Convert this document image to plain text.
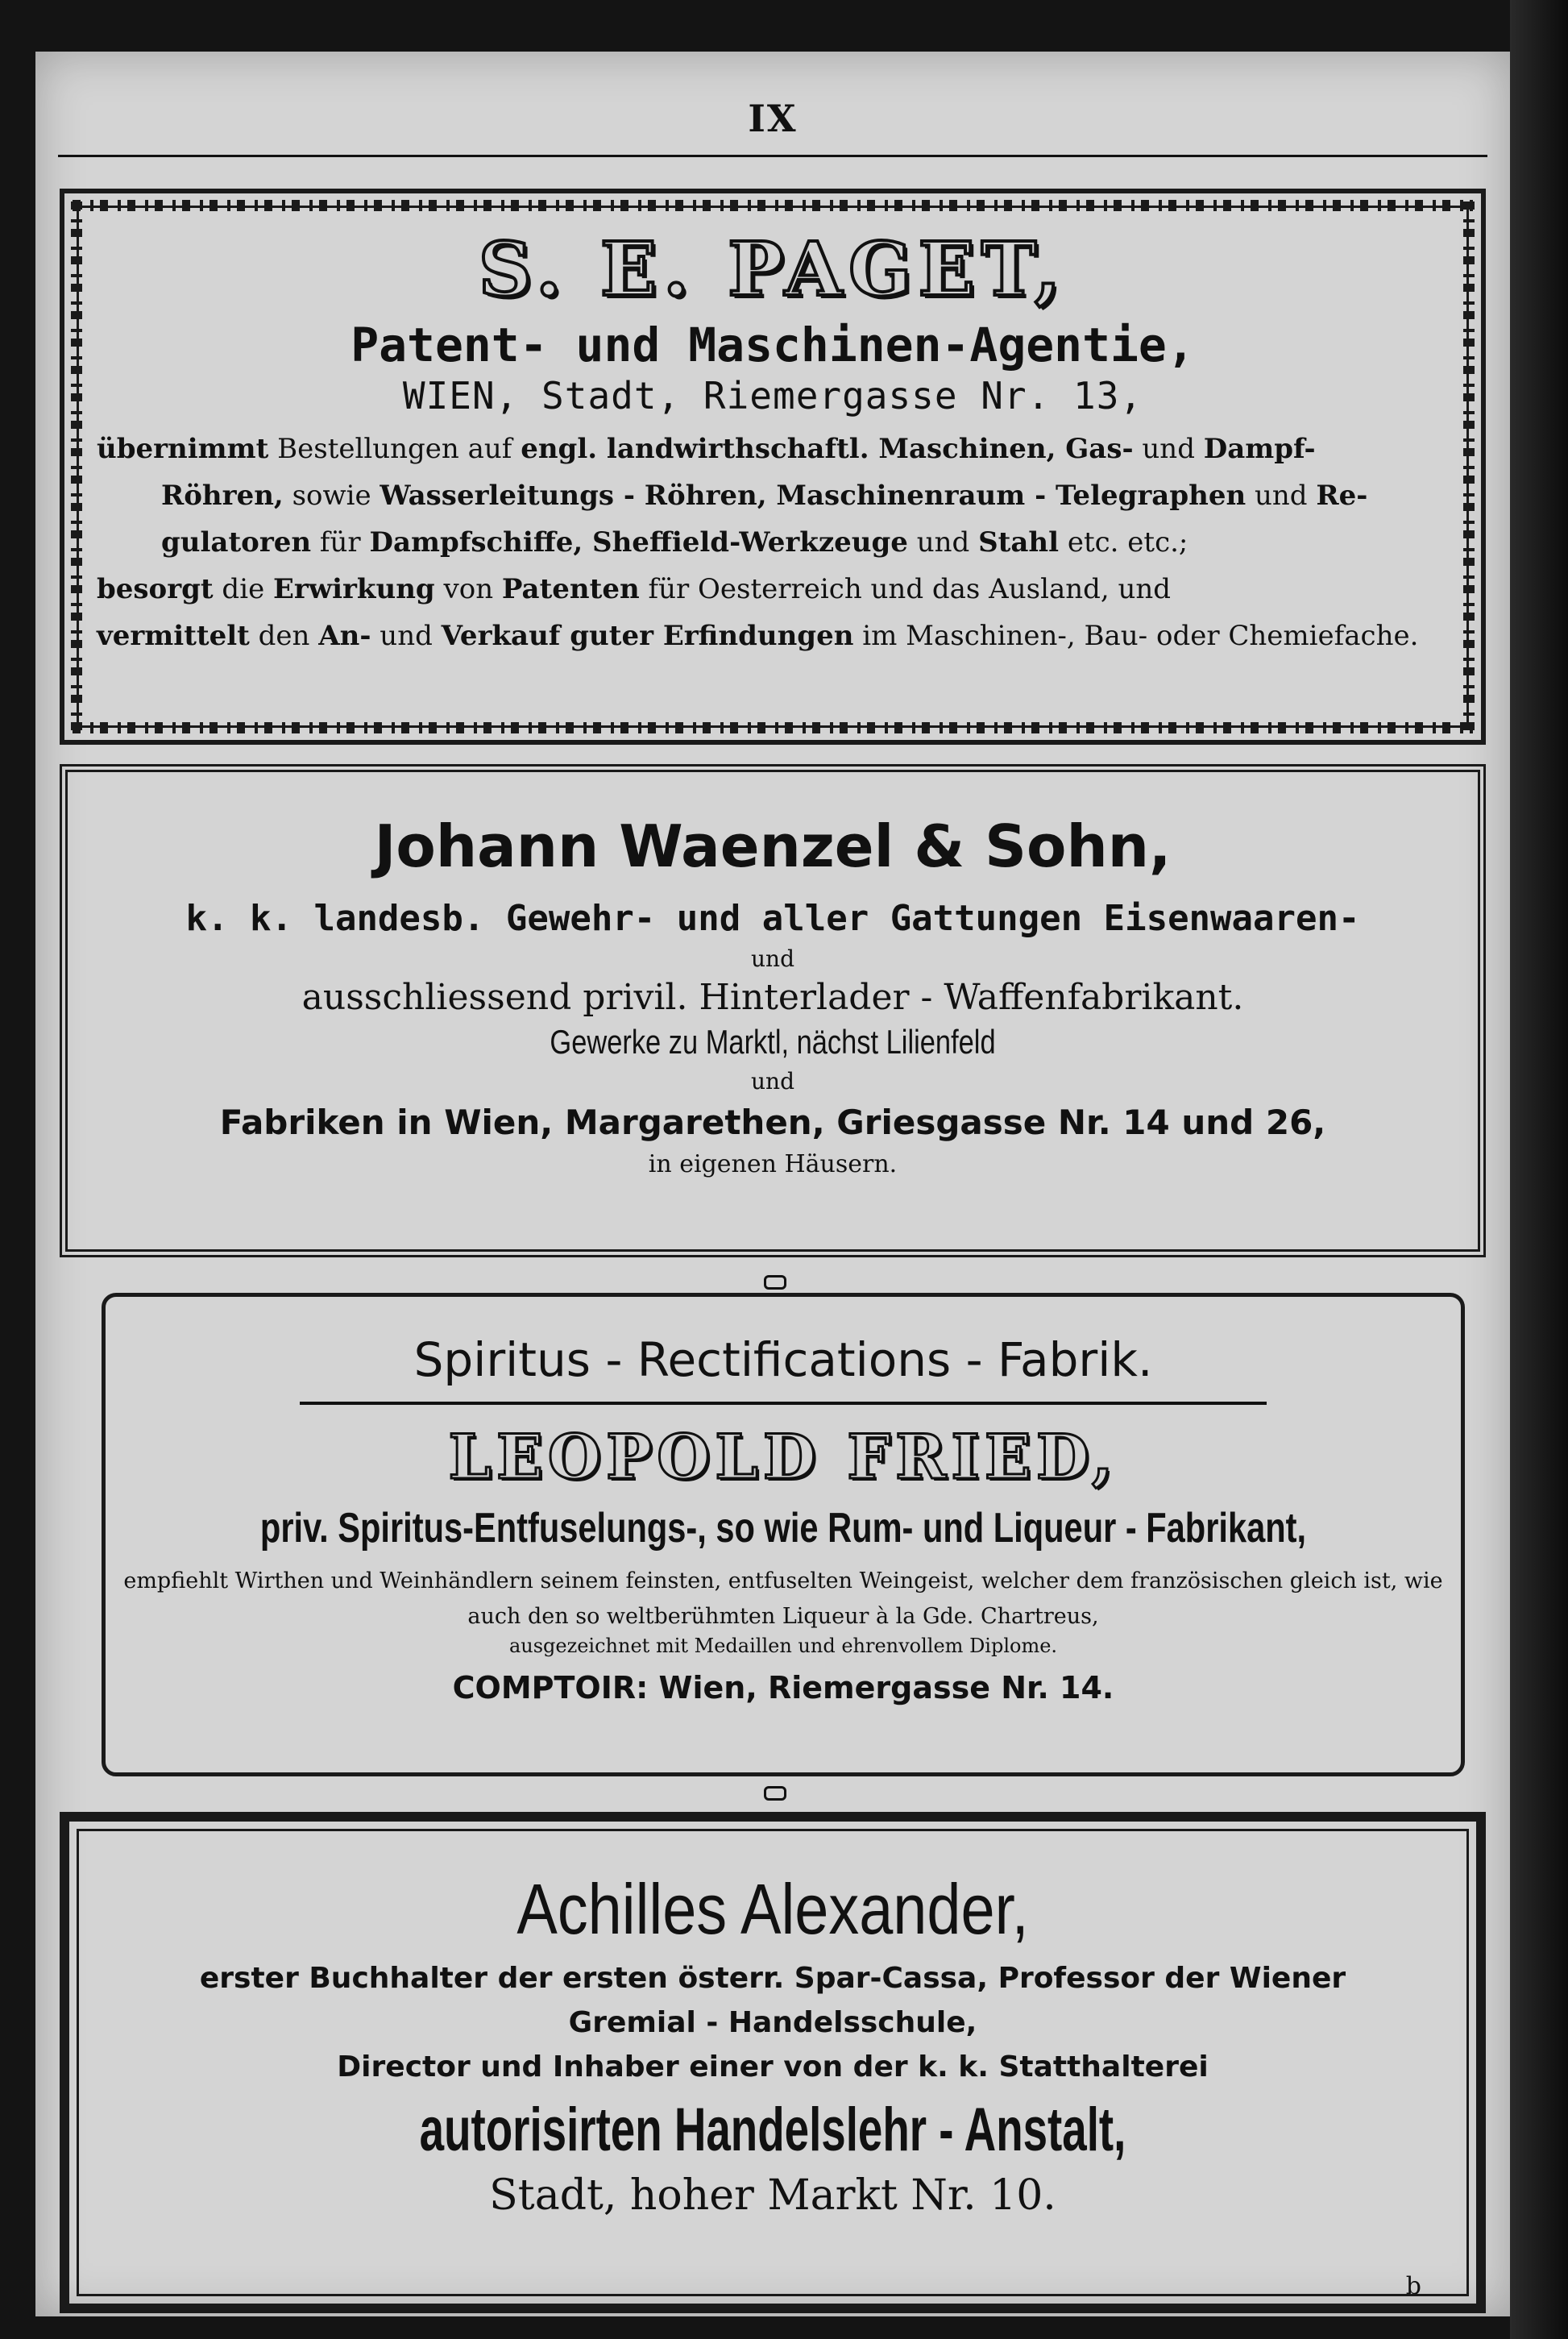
IX
S. E. PAGET,
Patent- und Maschinen-Agentie,
WIEN, Stadt, Riemergasse Nr. 13,
übernimmt Bestellungen auf engl. landwirthschaftl. Maschinen, Gas- und Dampf-
Röhren, sowie Wasserleitungs - Röhren, Maschinenraum - Telegraphen und Re-
gulatoren für Dampfschiffe, Sheffield-Werkzeuge und Stahl etc. etc.;
besorgt die Erwirkung von Patenten für Oesterreich und das Ausland, und
vermittelt den An- und Verkauf guter Erfindungen im Maschinen-, Bau- oder Chemiefache.
Johann Waenzel & Sohn,
k. k. landesb. Gewehr- und aller Gattungen Eisenwaaren-
und
ausschliessend privil. Hinterlader - Waffenfabrikant.
Gewerke zu Marktl, nächst Lilienfeld
und
Fabriken in Wien, Margarethen, Griesgasse Nr. 14 und 26,
in eigenen Häusern.
Spiritus - Rectifications - Fabrik.
LEOPOLD FRIED,
priv. Spiritus-Entfuselungs-, so wie Rum- und Liqueur - Fabrikant,
empfiehlt Wirthen und Weinhändlern seinem feinsten, entfuselten Weingeist, welcher dem französischen gleich ist, wie auch den so weltberühmten Liqueur à la Gde. Chartreus,
ausgezeichnet mit Medaillen und ehrenvollem Diplome.
COMPTOIR: Wien, Riemergasse Nr. 14.
Achilles Alexander,
erster Buchhalter der ersten österr. Spar-Cassa, Professor der Wiener
Gremial - Handelsschule,
Director und Inhaber einer von der k. k. Statthalterei
autorisirten Handelslehr - Anstalt,
Stadt, hoher Markt Nr. 10.
b
